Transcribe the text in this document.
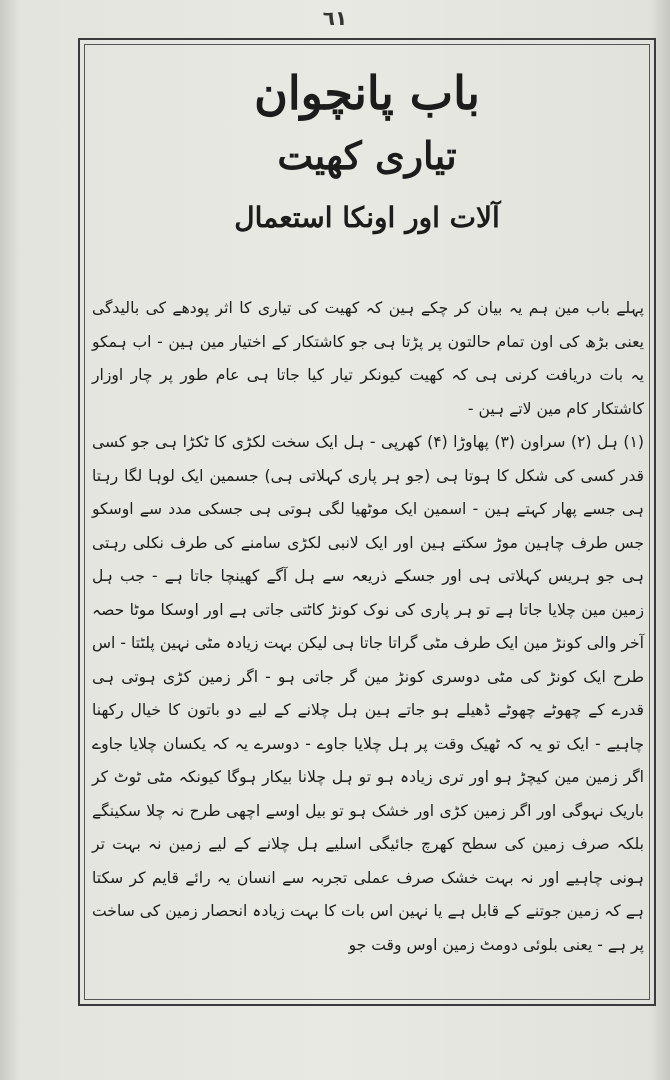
٦١
باب پانچوان
تیاری کھیت
آلات اور اونکا استعمال

پہلے باب مین ہم یہ بیان کر چکے ہین کہ کھیت کی تیاری کا اثر پودھے کی بالیدگی یعنی بڑھ کی اون تمام حالتون پر پڑتا ہی جو کاشتکار کے اختیار مین ہین - اب ہمکو یہ بات دریافت کرنی ہی کہ کھیت کیونکر تیار کیا جاتا ہی عام طور پر چار اوزار کاشتکار کام مین لاتے ہین -

(۱) ہل (۲) سراون (۳) پھاوڑا (۴) کھرپی - ہل ایک سخت لکڑی کا ٹکڑا ہی جو کسی قدر کسی کی شکل کا ہوتا ہی (جو ہر پاری کہلاتی ہی) جسمین ایک لوہا لگا رہتا ہی جسے پھار کہتے ہین - اسمین ایک موٹھیا لگی ہوتی ہی جسکی مدد سے اوسکو جس طرف چاہین موڑ سکتے ہین اور ایک لانبی لکڑی سامنے کی طرف نکلی رہتی ہی جو ہریس کہلاتی ہی اور جسکے ذریعہ سے ہل آگے کھینچا جاتا ہے - جب ہل زمین مین چلایا جاتا ہے تو ہر پاری کی نوک کونڑ کاٹتی جاتی ہے اور اوسکا موٹا حصہ آخر والی کونڑ مین ایک طرف مٹی گراتا جاتا ہی لیکن بہت زیادہ مٹی نہین پلٹتا - اس طرح ایک کونڑ کی مٹی دوسری کونڑ مین گر جاتی ہو - اگر زمین کڑی ہوتی ہی قدرے کے چھوٹے چھوٹے ڈھیلے ہو جاتے ہین ہل چلانے کے لیے دو باتون کا خیال رکھنا چاہیے - ایک تو یہ کہ ٹھیک وقت پر ہل چلایا جاوے - دوسرے یہ کہ یکسان چلایا جاوے اگر زمین مین کیچڑ ہو اور تری زیادہ ہو تو ہل چلانا بیکار ہوگا کیونکہ مٹی ٹوٹ کر باریک نہوگی اور اگر زمین کڑی اور خشک ہو تو بیل اوسے اچھی طرح نہ چلا سکینگے بلکہ صرف زمین کی سطح کھرچ جائیگی اسلیے ہل چلانے کے لیے زمین نہ بہت تر ہونی چاہیے اور نہ بہت خشک صرف عملی تجربہ سے انسان یہ رائے قایم کر سکتا ہے کہ زمین جوتنے کے قابل ہے یا نہین اس بات کا بہت زیادہ انحصار زمین کی ساخت پر ہے - یعنی بلوئی دومٹ زمین اوس وقت جو
